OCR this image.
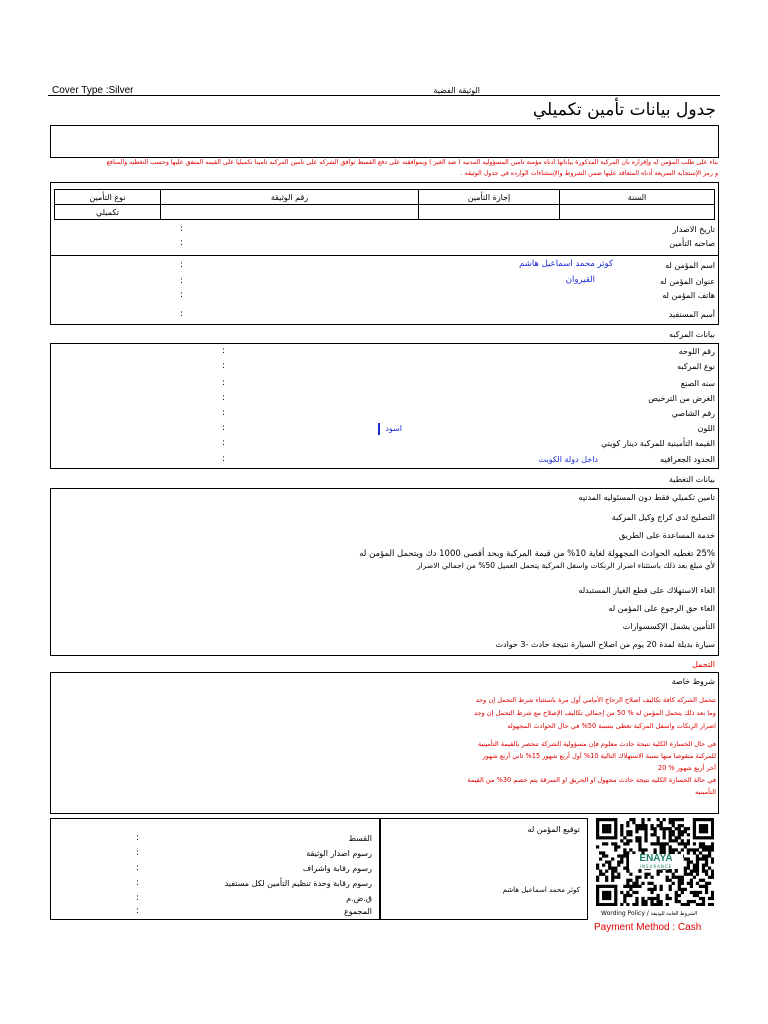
Cover Type :Silver	الوثيقة الفضية
جدول بيانات تأمين تكميلي
بناء على طلب المؤمن له وإقراره بان المركبة المذكورة بياناتها أدناه مؤمنة تأمين المسؤوليه المدنيه ( ضد الغير ) وبموافقته على دفع القسط توافق الشركه على تأمين المركبه تأمينا تكميليا على القيمه المتفق عليها وحسب التغطيه والمنافع
و رمز الإستجابة السريعة أدناه المتعاقد عليها ضمن الشروط والإستثناءات الوارده في جدول الوثيقة .
نوع التأمين	رقم الوثيقة	إجازة التأمين	السنة
تكميلي			
تاريخ الاصدار
:
صاحبه التأمين
:
اسم المؤمن له
:	كوثر محمد اسماعيل هاشم
عنوان المؤمن له
:	القيروان
هاتف المؤمن له
:
أسم المستفيد
:
بيانات المركبه
رقم اللوحه
:
نوع المركبه
:
سنه الصنع
:
الغرض من الترخيص
:
رقم الشاصي
:
اللون
:	اسود
القيمة التأمينية للمركبة دينار كويتي
:
الحدود الجعرافيه
:	داخل دولة الكويت
بيانات التغطية
تامين تكميلي فقط دون المسئوليه المدنيه
التصليح لدى كراج وكيل المركبة
خدمة المساعدة على الطريق
25% تغطيه الحوادث المجهولة لغاية 10% من قيمة المركبة وبحد أقصى 1000 دك ويتحمل المؤمن له
لأي مبلغ بعد ذلك باستثناء اضرار الرنكات واسفل المركبة يتحمل العميل 50% من اجمالي الاضرار
الغاء الاستهلاك على قطع الغيار المستبدله
الغاء حق الرجوع على المؤمن له
التأمين يشمل الإكسسوارات
سيارة بديلة لمدة 20 يوم من اصلاح السيارة نتيجة حادث -3 حوادث
التحمل
شروط خاصة
تتحمل الشركه كافة تكاليف اصلاح الزجاج الأمامي أول مرة باستثناء شرط التحمل إن وجد
وما بعد ذلك يتحمل المؤمن له % 50 من إجمالي تكاليف الإصلاح مع شرط التحمل إن وجد
اضرار الرنكات واسفل المركبة تغطى بنسبة 50% في حال الحوادث المجهوله
في حال الخسارة الكلية نتيجة حادث معلوم فإن مسؤولية الشركة تنحصر بالقيمة التأمينية
للمركبة منقوصا منها نسبة الاستهلاك التالية 10% أول أربع شهور 15% ثاني أربع شهور
أخر أربع شهور % 20
في حالة الخسارة الكليه نتيجة حادث مجهول او الحريق او السرقة يتم خصم 30% من القيمة
التأمينيه
القسط
:
رسوم اصدار الوثيقة
:
رسوم رقابة واشراف
:
رسوم رقابة وحدة تنظيم التأمين لكل مستفيد
:
ق.ض.م
:
المجموع
:
توقيع المؤمن له
كوثر محمد اسماعيل هاشم
ENAYA
INSURANCE
Wording Policy / الشروط العامة للوثيقة
Payment Method : Cash
